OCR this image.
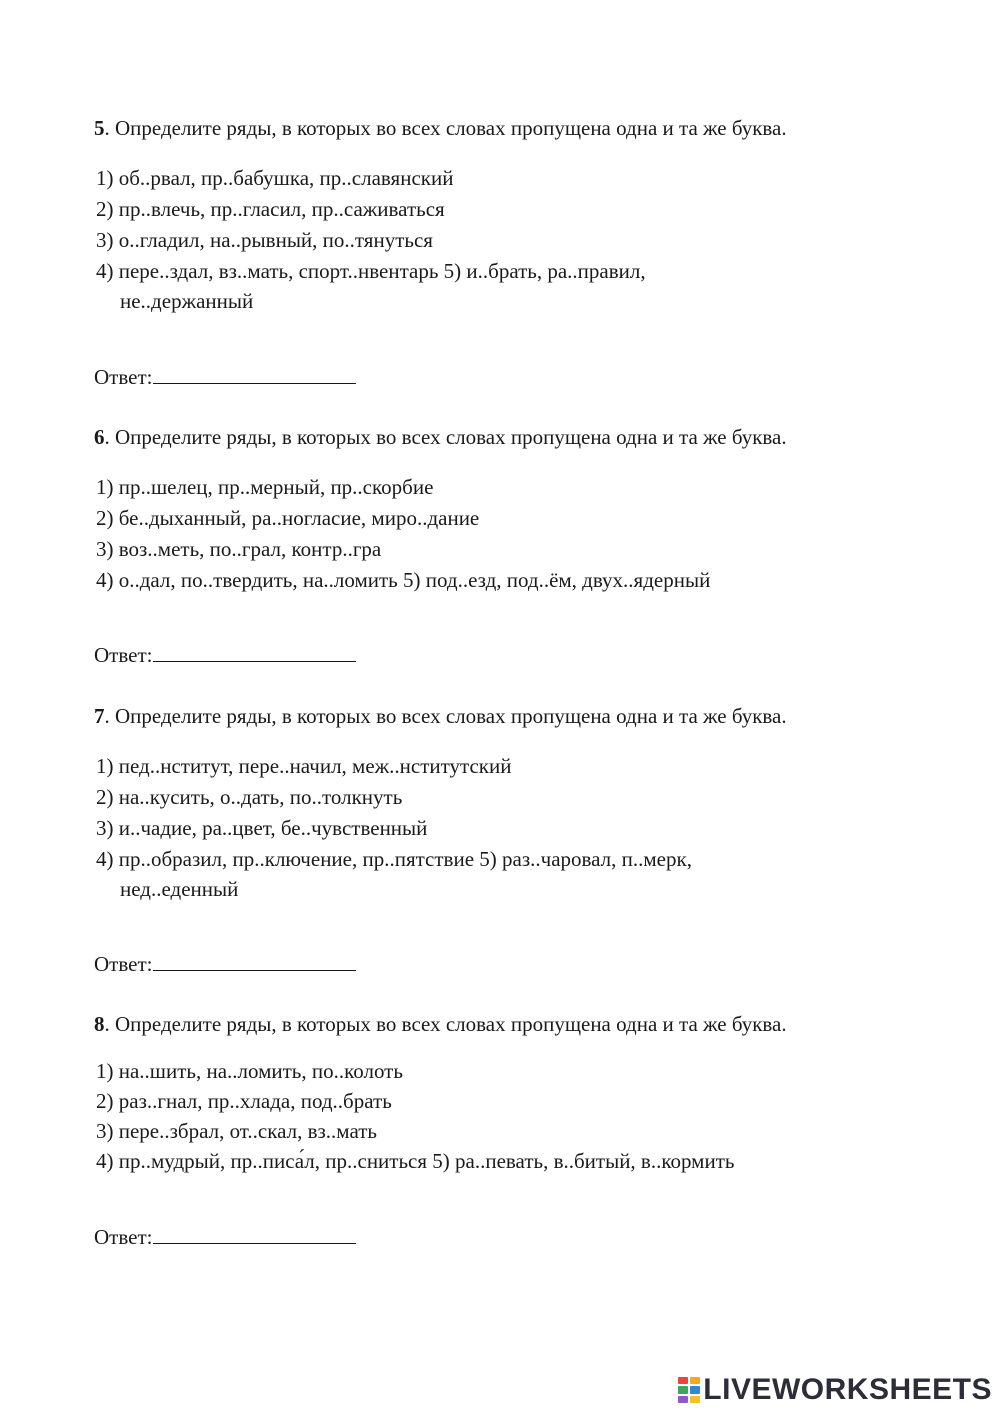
5. Определите ряды, в которых во всех словах пропущена одна и та же буква.

1) об..рвал, пр..бабушка, пр..славянский
2) пр..влечь, пр..гласил, пр..саживаться
3) о..гладил, на..рывный, по..тянуться
4) пере..здал, вз..мать, спорт..нвентарь 5) и..брать, ра..правил,
не..держанный
Ответ:

6. Определите ряды, в которых во всех словах пропущена одна и та же буква.

1) пр..шелец, пр..мерный, пр..скорбие
2) бе..дыханный, ра..ногласие, миро..дание
3) воз..меть, по..грал, контр..гра
4) о..дал, по..твердить, на..ломить 5) под..езд, под..ём, двух..ядерный
Ответ:

7. Определите ряды, в которых во всех словах пропущена одна и та же буква.

1) пед..нститут, пере..начил, меж..нститутский
2) на..кусить, о..дать, по..толкнуть
3) и..чадие, ра..цвет, бе..чувственный
4) пр..образил, пр..ключение, пр..пятствие 5) раз..чаровал, п..мерк,
нед..еденный
Ответ:

8. Определите ряды, в которых во всех словах пропущена одна и та же буква.

1) на..шить, на..ломить, по..колоть
2) раз..гнал, пр..хлада, под..брать
3) пере..збрал, от..скал, вз..мать
4) пр..мудрый, пр..писа́л, пр..сниться 5) ра..певать, в..битый, в..кормить
Ответ:
LIVEWORKSHEETS
